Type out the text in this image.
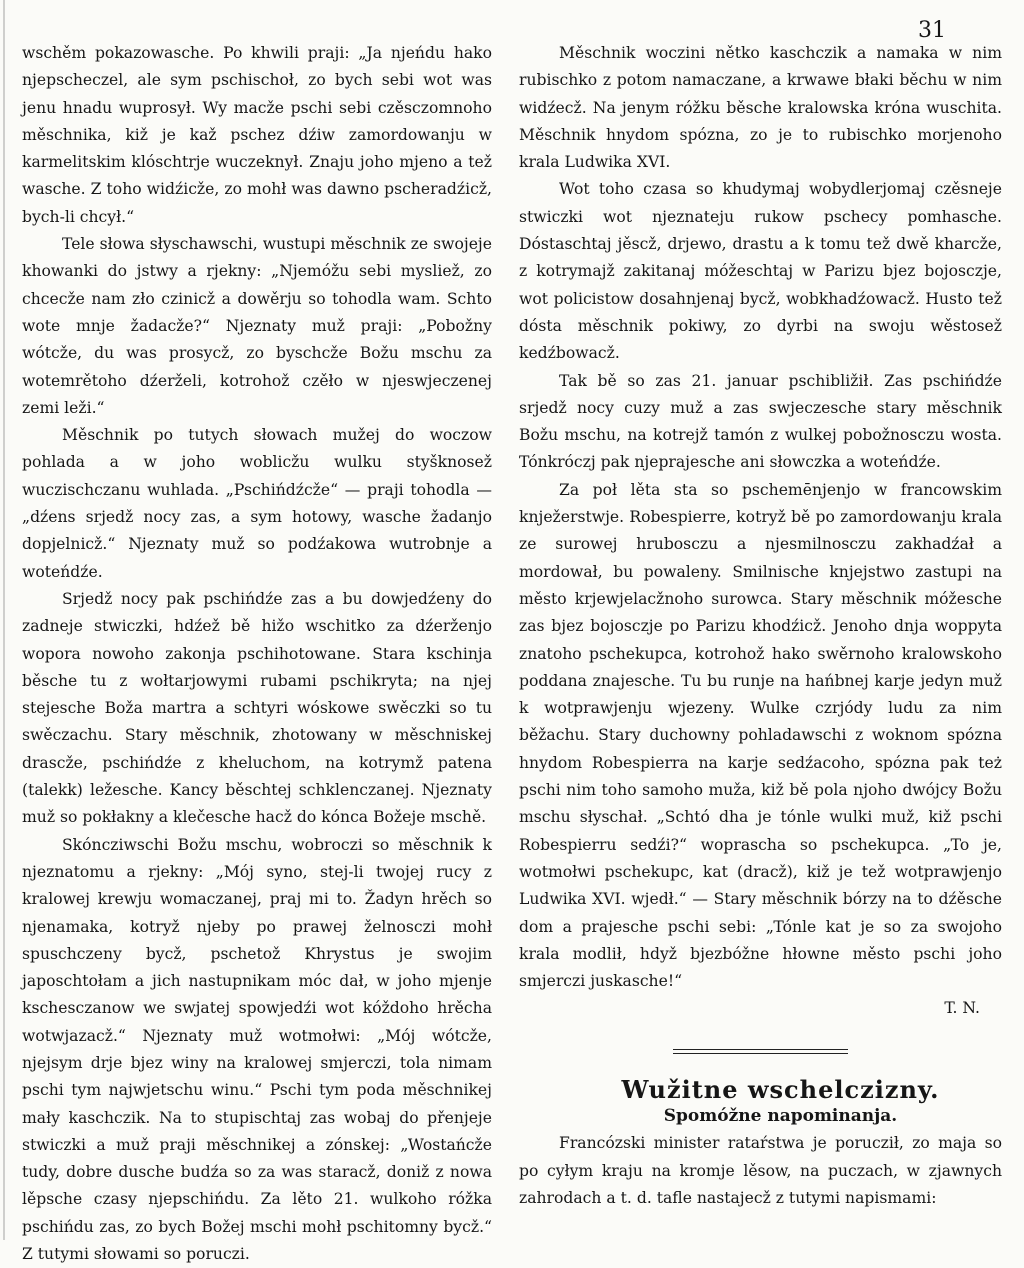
31

wschěm pokazowasche. Po khwili praji: „Ja njeńdu hako njepscheczel, ale sym pschischoł, zo bych sebi wot was jenu hnadu wuprosył. Wy macže pschi sebi czěsczomnoho měschnika, kiž je kaž pschez dźiw zamordowanju w karmelitskim klóschtrje wuczeknył. Znaju joho mjeno a tež wasche. Z toho widźicže, zo mohł was dawno pscheradźicž, bych-li chcył.“

Tele słowa słyschawschi, wustupi měschnik ze swojeje khowanki do jstwy a rjekny: „Njemóžu sebi mysliež, zo chcecže nam zło czinicž a dowěrju so tohodla wam. Schto wote mnje žadacže?“ Njeznaty muž praji: „Pobožny wótcže, du was prosycž, zo byschcže Božu mschu za wotemrětoho dźerželi, kotrohož czěło w njeswjeczenej zemi leži.“

Měschnik po tutych słowach mužej do woczow pohlada a w joho woblicžu wulku styšknosež wuczischczanu wuhlada. „Pschińdźcže“ — praji tohodla — „dźens srjedž nocy zas, a sym hotowy, wasche žadanjo dopjelnicž.“ Njeznaty muž so podźakowa wutrobnje a woteńdźe.

Srjedž nocy pak pschińdźe zas a bu dowjedźeny do zadneje stwiczki, hdźež bě hižo wschitko za dźerženjo wopora nowoho zakonja pschihotowane. Stara kschinja běsche tu z wołtarjowymi rubami pschikryta; na njej stejesche Boža martra a schtyri wóskowe swěczki so tu swěczachu. Stary měschnik, zhotowany w měschniskej drascže, pschińdźe z kheluchom, na kotrymž patena (talekk) ležesche. Kancy běschtej schklenczanej. Njeznaty muž so pokłakny a klečesche hacž do kónca Božeje mschě.

Skóncziwschi Božu mschu, wobroczi so měschnik k njeznatomu a rjekny: „Mój syno, stej-li twojej rucy z kralowej krewju womaczanej, praj mi to. Žadyn hrěch so njenamaka, kotryž njeby po prawej želnosczi mohł spuschczeny bycž, pschetož Khrystus je swojim japoschtołam a jich nastupnikam móc dał, w joho mjenje kschesczanow we swjatej spowjedźi wot kóždoho hrěcha wotwjazacž.“ Njeznaty muž wotmołwi: „Mój wótcže, njejsym drje bjez winy na kralowej smjerczi, tola nimam pschi tym najwjetschu winu.“ Pschi tym poda měschnikej mały kaschczik. Na to stupischtaj zas wobaj do přenjeje stwiczki a muž praji měschnikej a zónskej: „Wostańcže tudy, dobre dusche budźa so za was staracž, doniž z nowa lěpsche czasy njepschińdu. Za lěto 21. wulkoho róžka pschińdu zas, zo bych Božej mschi mohł pschitomny bycž.“ Z tutymi słowami so poruczi.

Měschnik woczini nětko kaschczik a namaka w nim rubischko z potom namaczane, a krwawe błaki běchu w nim widźecž. Na jenym róžku běsche kralowska króna wuschita. Měschnik hnydom spózna, zo je to rubischko morjenoho krala Ludwika XVI.

Wot toho czasa so khudymaj wobydlerjomaj czěsneje stwiczki wot njeznateju rukow pschecy pomhasche. Dóstaschtaj jěscž, drjewo, drastu a k tomu tež dwě kharcže, z kotrymajž zakitanaj móžeschtaj w Parizu bjez bojosczje, wot policistow dosahnjenaj bycž, wobkhadźowacž. Husto tež dósta měschnik pokiwy, zo dyrbi na swoju wěstosež kedźbowacž.

Tak bě so zas 21. januar pschibližił. Zas pschińdźe srjedž nocy cuzy muž a zas swjeczesche stary měschnik Božu mschu, na kotrejž tamón z wulkej pobožnosczu wosta. Tónkróczj pak njeprajesche ani słowczka a woteńdźe.

Za poł lěta sta so pschemēnjenjo w francowskim knježerstwje. Robespierre, kotryž bě po zamordowanju krala ze surowej hrubosczu a njesmilnosczu zakhadźał a mordował, bu powaleny. Smilnische knjejstwo zastupi na město krjewjelacžnoho surowca. Stary měschnik móžesche zas bjez bojosczje po Parizu khodźicž. Jenoho dnja woppyta znatoho pschekupca, kotrohož hako swěrnoho kralowskoho poddana znajesche. Tu bu runje na hańbnej karje jedyn muž k wotprawjenju wjezeny. Wulke czrjódy ludu za nim běžachu. Stary duchowny pohladawschi z woknom spózna hnydom Robespierra na karje sedźacoho, spózna pak też pschi nim toho samoho muža, kiž bě pola njoho dwójcy Božu mschu słyschał. „Schtó dha je tónle wulki muž, kiž pschi Robespierru sedźi?“ wopraschа so pschekupca. „To je, wotmołwi pschekupc, kat (dracž), kiž je tež wotprawjenjo Ludwika XVI. wjedł.“ — Stary měschnik bórzy na to dźěsche dom a prajesche pschi sebi: „Tónle kat je so za swojoho krala modlił, hdyž bjezbóžne hłowne město pschi joho smjerczi juskasche!“

T. N.

Wužitne wschelczizny.

Spomóžne napominanja.

Francózski minister rataŕstwa je porucził, zo maja so po cyłym kraju na kromje lěsow, na puczach, w zjawnych zahrodach a t. d. tafle nastajecž z tutymi napismami:
